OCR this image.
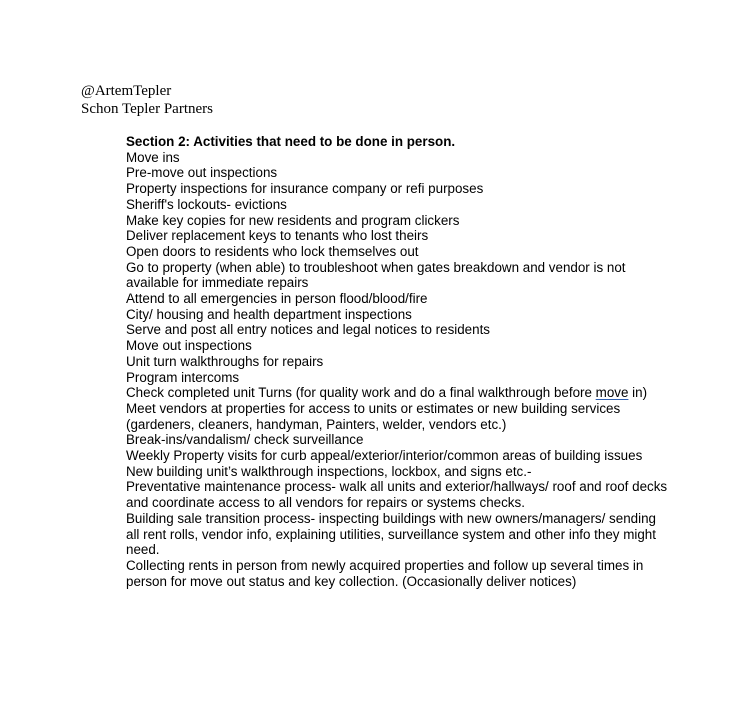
@ArtemTepler
Schon Tepler Partners
Section 2: Activities that need to be done in person.
Move ins
Pre-move out inspections
Property inspections for insurance company or refi purposes
Sheriff's lockouts- evictions
Make key copies for new residents and program clickers
Deliver replacement keys to tenants who lost theirs
Open doors to residents who lock themselves out
Go to property (when able) to troubleshoot when gates breakdown and vendor is not available for immediate repairs
Attend to all emergencies in person flood/blood/fire
City/ housing and health department inspections
Serve and post all entry notices and legal notices to residents
Move out inspections
Unit turn walkthroughs for repairs
Program intercoms
Check completed unit Turns (for quality work and do a final walkthrough before move in)
Meet vendors at properties for access to units or estimates or new building services (gardeners, cleaners, handyman, Painters, welder, vendors etc.)
Break-ins/vandalism/ check surveillance
Weekly Property visits for curb appeal/exterior/interior/common areas of building issues
New building unit’s walkthrough inspections, lockbox, and signs etc.-
Preventative maintenance process- walk all units and exterior/hallways/ roof and roof decks and coordinate access to all vendors for repairs or systems checks.
Building sale transition process- inspecting buildings with new owners/managers/ sending all rent rolls, vendor info, explaining utilities, surveillance system and other info they might need.
Collecting rents in person from newly acquired properties and follow up several times in person for move out status and key collection. (Occasionally deliver notices)
